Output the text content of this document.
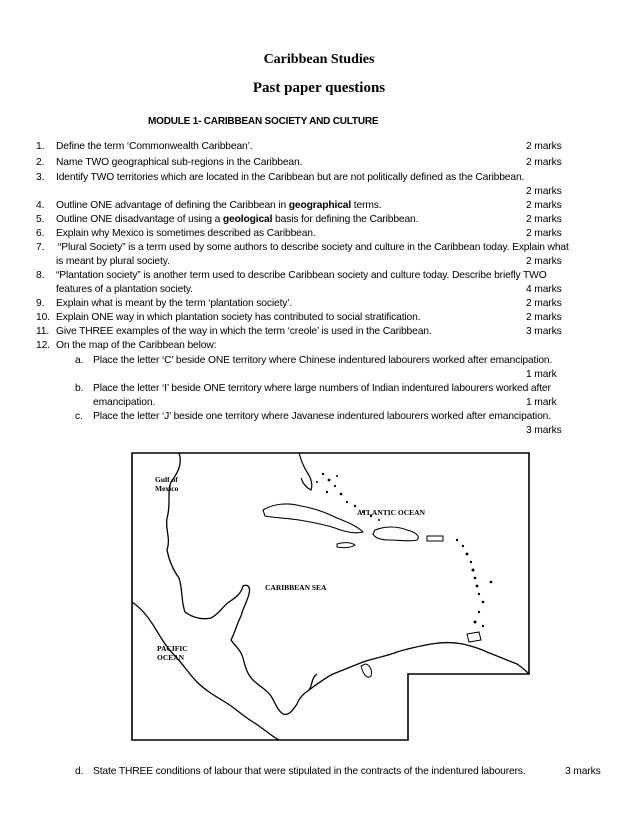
Caribbean Studies
Past paper questions
MODULE 1- CARIBBEAN SOCIETY AND CULTURE
1. Define the term ‘Commonwealth Caribbean’.	2 marks
2. Name TWO geographical sub-regions in the Caribbean.	2 marks
3. Identify TWO territories which are located in the Caribbean but are not politically defined as the Caribbean.
2 marks
4. Outline ONE advantage of defining the Caribbean in geographical terms.	2 marks
5. Outline ONE disadvantage of using a geological basis for defining the Caribbean.	2 marks
6. Explain why Mexico is sometimes described as Caribbean.	2 marks
7. “Plural Society” is a term used by some authors to describe society and culture in the Caribbean today. Explain what
is meant by plural society.	2 marks
8. “Plantation society” is another term used to describe Caribbean society and culture today. Describe briefly TWO
features of a plantation society.	4 marks
9. Explain what is meant by the term ‘plantation society’.	2 marks
10. Explain ONE way in which plantation society has contributed to social stratification.	2 marks
11. Give THREE examples of the way in which the term ‘creole’ is used in the Caribbean.	3 marks
12. On the map of the Caribbean below:
a. Place the letter ‘C’ beside ONE territory where Chinese indentured labourers worked after emancipation.
1 mark
b. Place the letter ‘I’ beside ONE territory where large numbers of Indian indentured labourers worked after
emancipation.	1 mark
c. Place the letter ‘J’ beside one territory where Javanese indentured labourers worked after emancipation.
3 marks
d. State THREE conditions of labour that were stipulated in the contracts of the indentured labourers.	3 marks
Gulf of Mexico
ATLANTIC OCEAN
CARIBBEAN SEA
PACIFIC OCEAN
